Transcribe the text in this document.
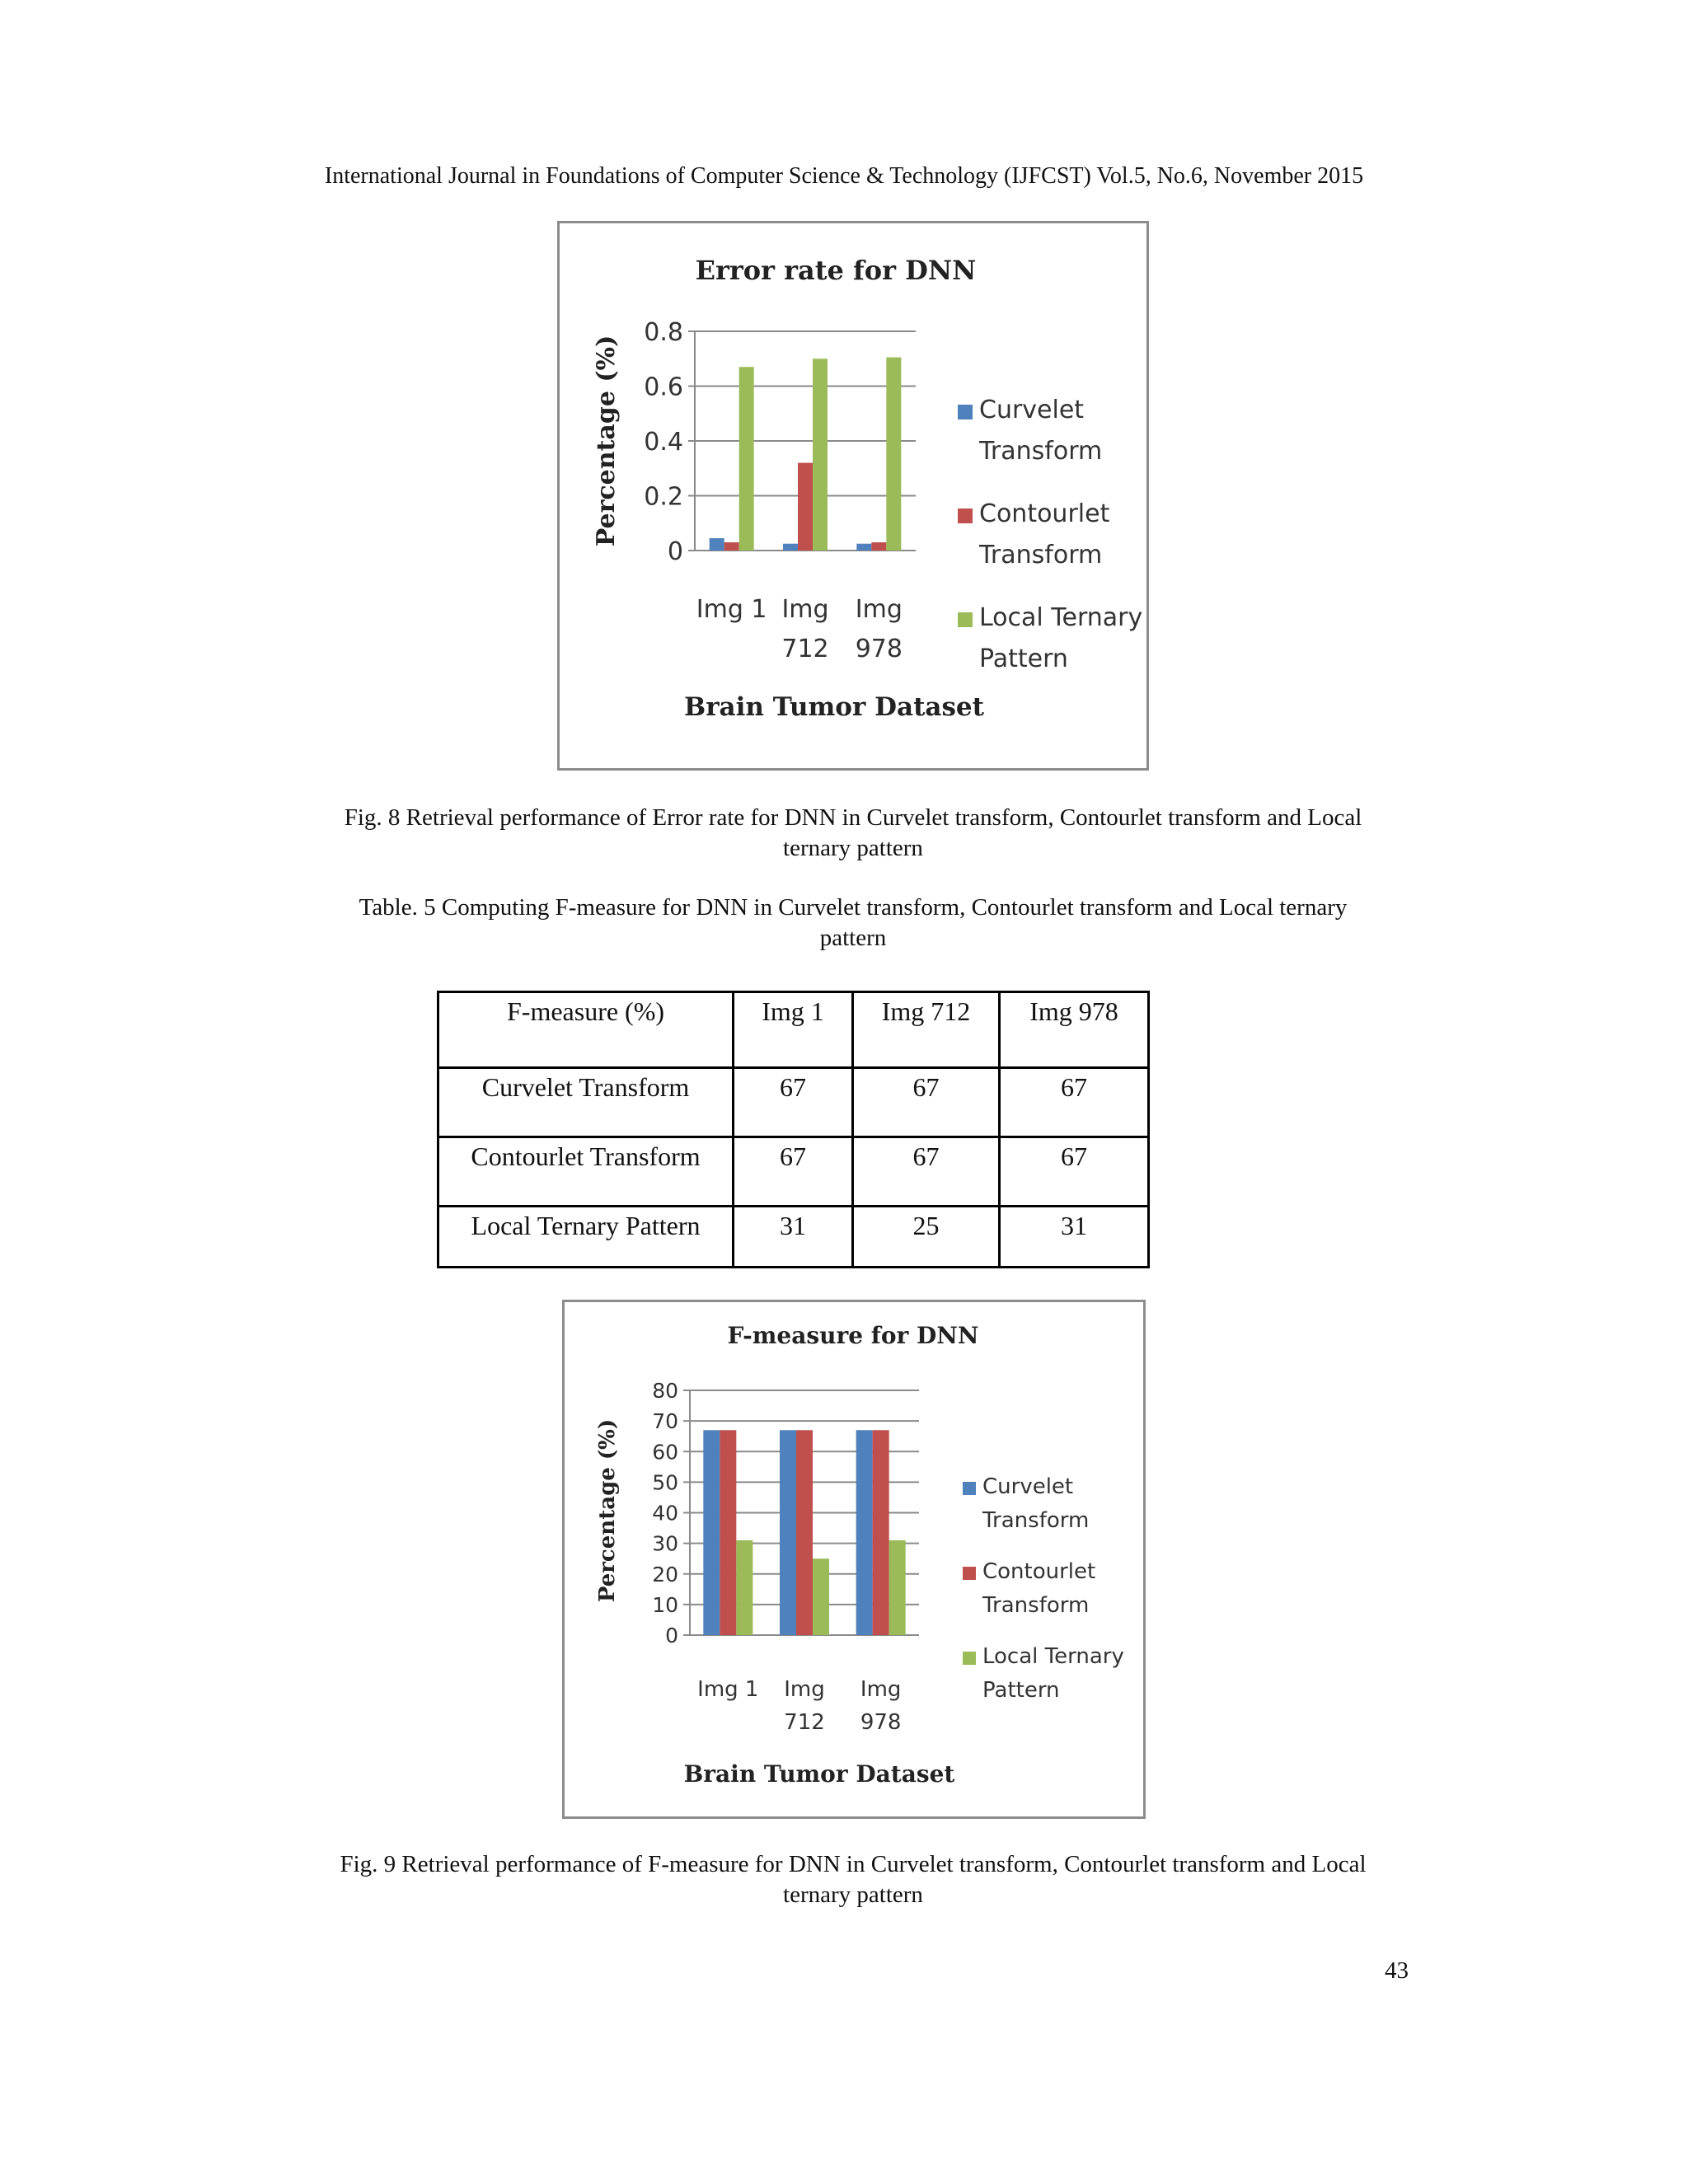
International Journal in Foundations of Computer Science & Technology (IJFCST) Vol.5, No.6, November 2015
Error rate for DNN
0
0.2
0.4
0.6
0.8
Img 1 Img
712
Img
978
Brain Tumor Dataset
Percentage (%)	Curvelet
Transform
Contourlet
Transform
Local Ternary
Pattern
Fig. 8 Retrieval performance of Error rate for DNN in Curvelet transform, Contourlet transform and Local
ternary pattern
Table. 5 Computing F-measure for DNN in Curvelet transform, Contourlet transform and Local ternary
pattern
F-measure (%)	Img 1	Img 712	Img 978
Curvelet Transform	67	67	67
Contourlet Transform	67	67	67
Local Ternary Pattern	31	25	31
F-measure for DNN
0
10
20
30
40
50
60
70
80
Img 1 Img
712
Img
978
Brain Tumor Dataset
Percentage (%)	Curvelet
Transform
Contourlet
Transform
Local Ternary
Pattern
Fig. 9 Retrieval performance of F-measure for DNN in Curvelet transform, Contourlet transform and Local
ternary pattern
43
